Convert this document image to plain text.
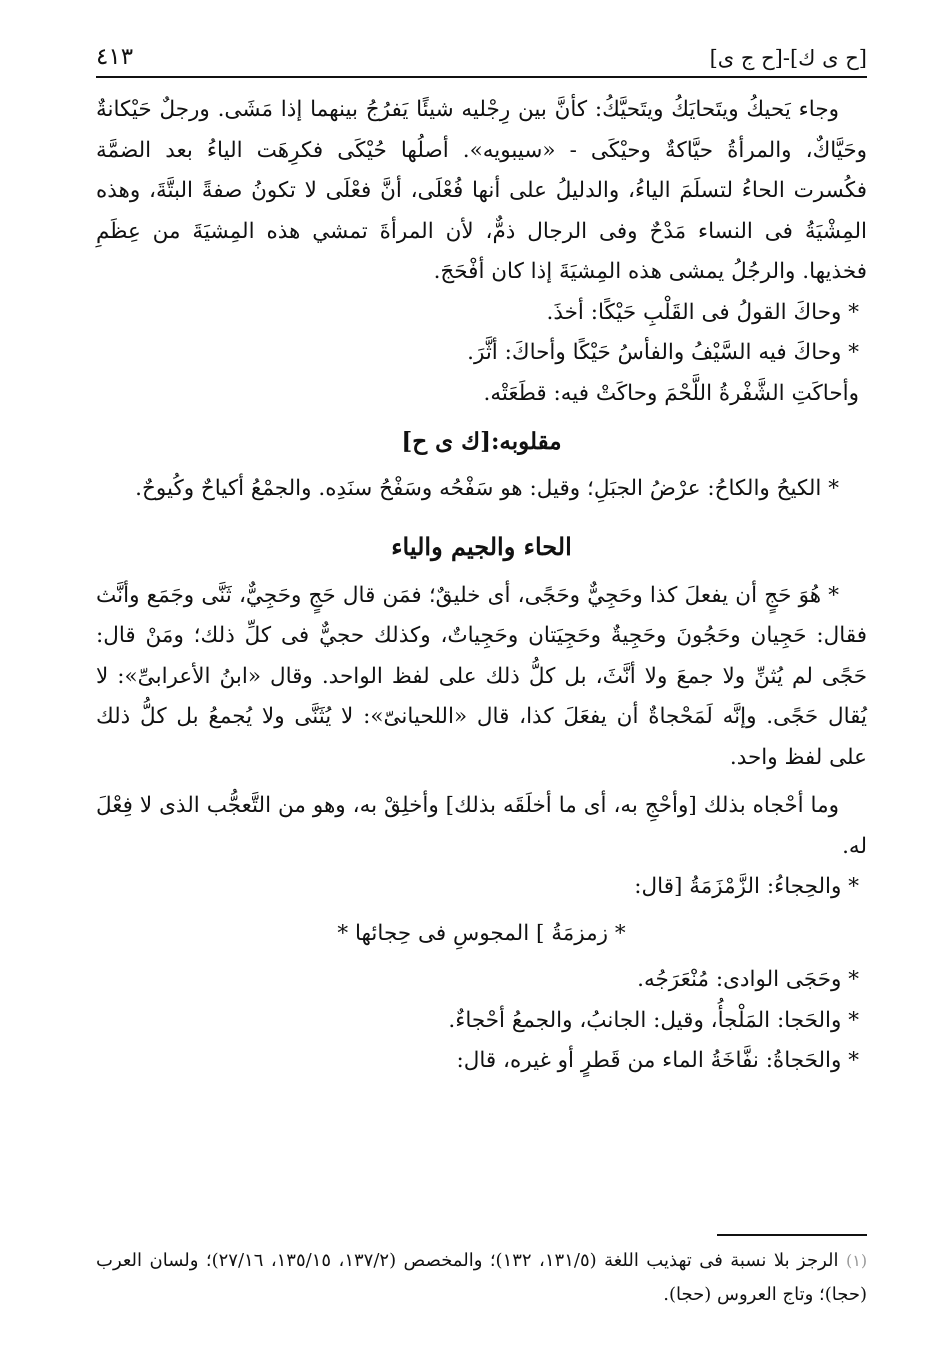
[ح ى ك]-[ح ج ى]
٤١٣

وجاء يَحيكُ ويتَحايَكُ ويتَحيَّكُ: كأنَّ بين رِجْليه شيئًا يَفرُجُ بينهما إذا مَشَى. ورجلٌ حَيْكانةٌ وحَيَّاكٌ، والمرأةُ حيَّاكةٌ وحيْكَى - «سيبويه». أصلُها حُيْكَى فكرِهَت الياءُ بعد الضمَّة فكُسرت الحاءُ لتسلَمَ الياءُ، والدليلُ على أنها فُعْلَى، أنَّ فعْلَى لا تكونُ صفةً البتَّةَ، وهذه المِشْيَةُ فى النساء مَدْحٌ وفى الرجال ذمٌّ، لأن المرأةَ تمشي هذه المِشيَةَ من عِظَمِ فخذيها. والرجُلُ يمشى هذه المِشيَةَ إذا كان أفْحَجَ.

* وحاكَ القولُ فى القَلْبِ حَيْكًا: أخذَ.

* وحاكَ فيه السَّيْفُ والفأسُ حَيْكًا وأحاكَ: أثَّرَ.

وأحاكَتِ الشَّفْرةُ اللَّحْمَ وحاكَتْ فيه: قطَعَتْه.

مقلوبه:[ك ى ح]

* الكيحُ والكاحُ: عرْضُ الجبَلِ؛ وقيل: هو سَفْحُه وسَفْحُ سنَدِه. والجمْعُ أكياحٌ وكُيوحٌ.

الحاء والجيم والياء

* هُوَ حَجٍ أن يفعلَ كذا وحَجِيٌّ وحَجًى، أى خليقٌ؛ فمَن قال حَجٍ وحَجِيٌّ، ثَنَّى وجَمَع وأنَّث فقال: حَجِيان وحَجُونَ وحَجِيةٌ وحَجِيَتان وحَجِياتٌ، وكذلك حجيٌّ فى كلِّ ذلك؛ ومَنْ قال: حَجًى لم يُثنِّ ولا جمعَ ولا أنَّثَ، بل كلُّ ذلك على لفظ الواحد. وقال «ابنُ الأعرابىِّ»: لا يُقال حَجًى. وإنَّه لَمَحْجاةٌ أن يفعَلَ كذا، قال «اللحيانىّ»: لا يُثَنَّى ولا يُجمعُ بل كلُّ ذلك على لفظ واحد.

وما أحْجاه بذلك [وأحْجِ به، أى ما أخلَقَه بذلك] وأخلِقْ به، وهو من التَّعجُّب الذى لا فِعْلَ له.

* والحِجاءُ: الزَّمْزَمَةُ [قال:

* زمزمَةُ ] المجوسِ فى حِجائها *

* وحَجَى الوادى: مُنْعَرَجُه.

* والحَجا: المَلْجأُ، وقيل: الجانبُ، والجمعُ أحْجاءٌ.

* والحَجاةُ: نفَّاخَةُ الماء من قَطرٍ أو غيره، قال:

(١) الرجز بلا نسبة فى تهذيب اللغة (١٣١/٥، ١٣٢)؛ والمخصص (١٣٧/٢، ١٣٥/١٥، ٢٧/١٦)؛ ولسان العرب (حجا)؛ وتاج العروس (حجا).
